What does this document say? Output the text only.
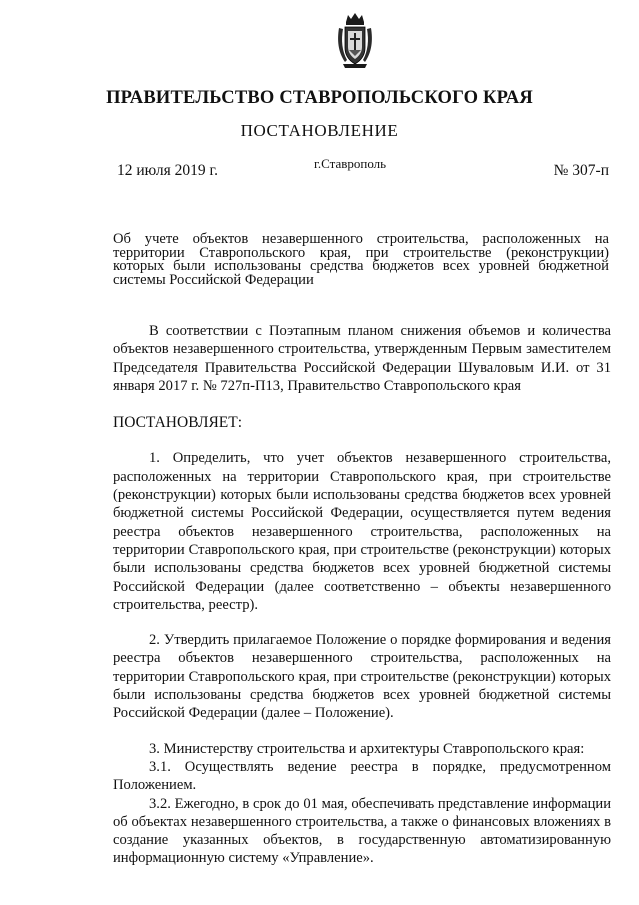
ПРАВИТЕЛЬСТВО СТАВРОПОЛЬСКОГО КРАЯ
ПОСТАНОВЛЕНИЕ
12 июля 2019 г.	г.Ставрополь	№ 307-п
Об учете объектов незавершенного строительства, расположенных на территории Ставропольского края, при строительстве (реконструкции) которых были использованы средства бюджетов всех уровней бюджетной системы Российской Федерации

В соответствии с Поэтапным планом снижения объемов и количества объектов незавершенного строительства, утвержденным Первым заместителем Председателя Правительства Российской Федерации Шуваловым И.И. от 31 января 2017 г. № 727п-П13, Правительство Ставропольского края

ПОСТАНОВЛЯЕТ:

1. Определить, что учет объектов незавершенного строительства, расположенных на территории Ставропольского края, при строительстве (реконструкции) которых были использованы средства бюджетов всех уровней бюджетной системы Российской Федерации, осуществляется путем ведения реестра объектов незавершенного строительства, расположенных на территории Ставропольского края, при строительстве (реконструкции) которых были использованы средства бюджетов всех уровней бюджетной системы Российской Федерации (далее соответственно – объекты незавершенного строительства, реестр).

2. Утвердить прилагаемое Положение о порядке формирования и ведения реестра объектов незавершенного строительства, расположенных на территории Ставропольского края, при строительстве (реконструкции) которых были использованы средства бюджетов всех уровней бюджетной системы Российской Федерации (далее – Положение).

3. Министерству строительства и архитектуры Ставропольского края:

3.1. Осуществлять ведение реестра в порядке, предусмотренном Положением.

3.2. Ежегодно, в срок до 01 мая, обеспечивать представление информации об объектах незавершенного строительства, а также о финансовых вложениях в создание указанных объектов, в государственную автоматизированную информационную систему «Управление».
